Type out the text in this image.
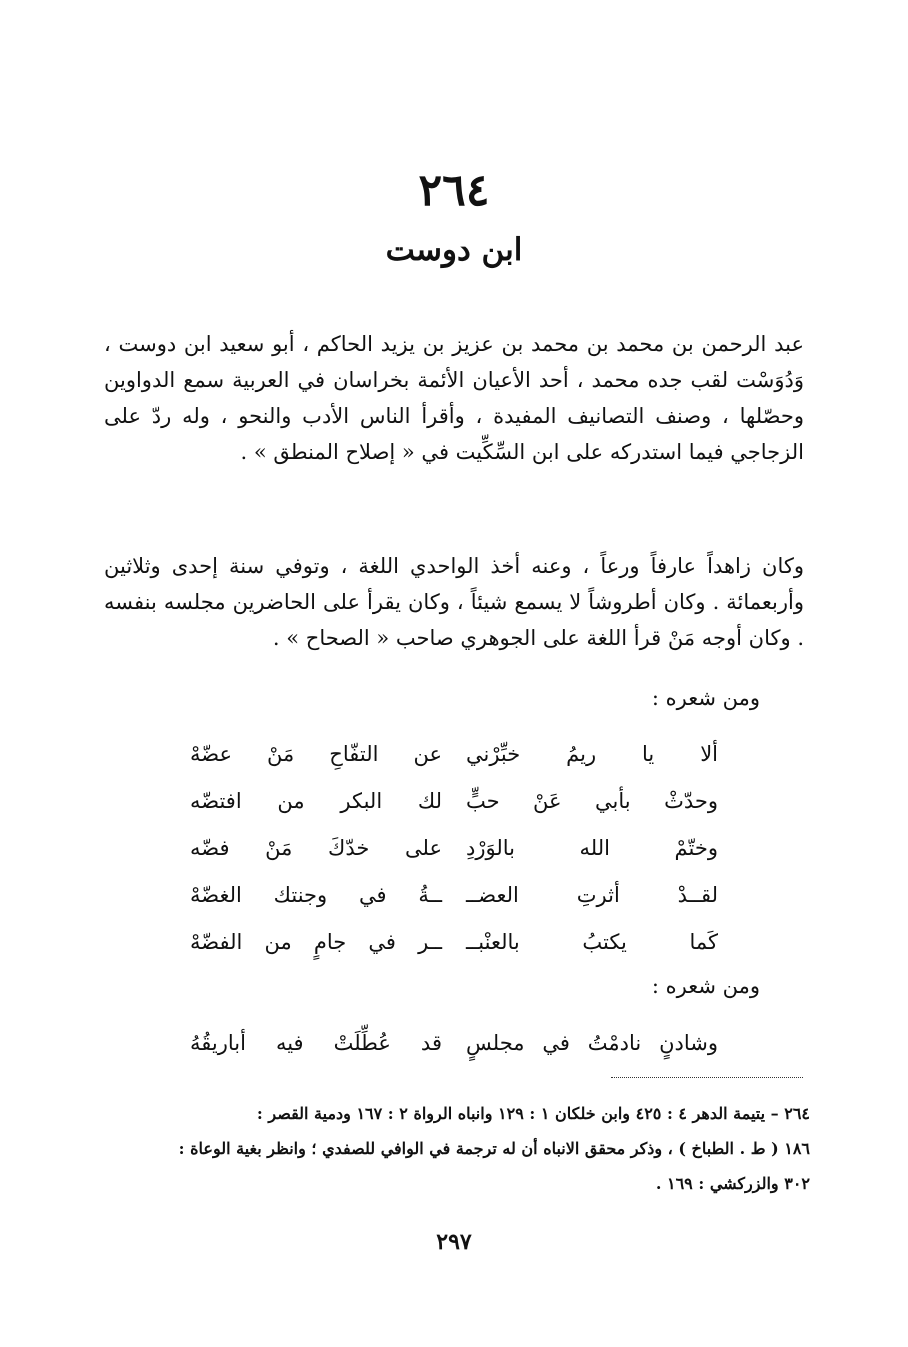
٢٦٤
ابن دوست

عبد الرحمن بن محمد بن محمد بن عزيز بن يزيد الحاكم ، أبو سعيد ابن دوست ، وَدُوَسْت لقب جده محمد ، أحد الأعيان الأئمة بخراسان في العربية سمع الدواوين وحصّلها ، وصنف التصانيف المفيدة ، وأقرأ الناس الأدب والنحو ، وله ردّ على الزجاجي فيما استدركه على ابن السِّكِّيت في « إصلاح المنطق » .

وكان زاهداً عارفاً ورعاً ، وعنه أخذ الواحدي اللغة ، وتوفي سنة إحدى وثلاثين وأربعمائة . وكان أطروشاً لا يسمع شيئاً ، وكان يقرأ على الحاضرين مجلسه بنفسه . وكان أوجه مَنْ قرأ اللغة على الجوهري صاحب « الصحاح » .

ومن شعره :
ألا يا ريمُ خبِّرْني
عن التفّاحِ مَنْ عضّهْ
وحدّثْ بأبي عَنْ حبٍّ
لك البكر من افتضّه
وختّمْ الله بالوَرْدِ
على خدّكَ مَنْ فضّه
لقــدْ أثرتِ العضــ
ــةُ في وجنتك الغضّهْ
كَما يكتبُ بالعنْبــ
ــر في جامٍ من الفضّهْ
ومن شعره :
وشادنٍ نادمْتُ في مجلسٍ
قد عُطِّلَتْ فيه أباريقُهُ

٢٦٤ – يتيمة الدهر ٤ : ٤٢٥ وابن خلكان ١ : ١٢٩ وانباه الرواة ٢ : ١٦٧ ودمية القصر :

١٨٦ ( ط . الطباخ ) ، وذكر محقق الانباه أن له ترجمة في الوافي للصفدي ؛ وانظر بغية الوعاة :

٣٠٢ والزركشي : ١٦٩ .

٢٩٧
